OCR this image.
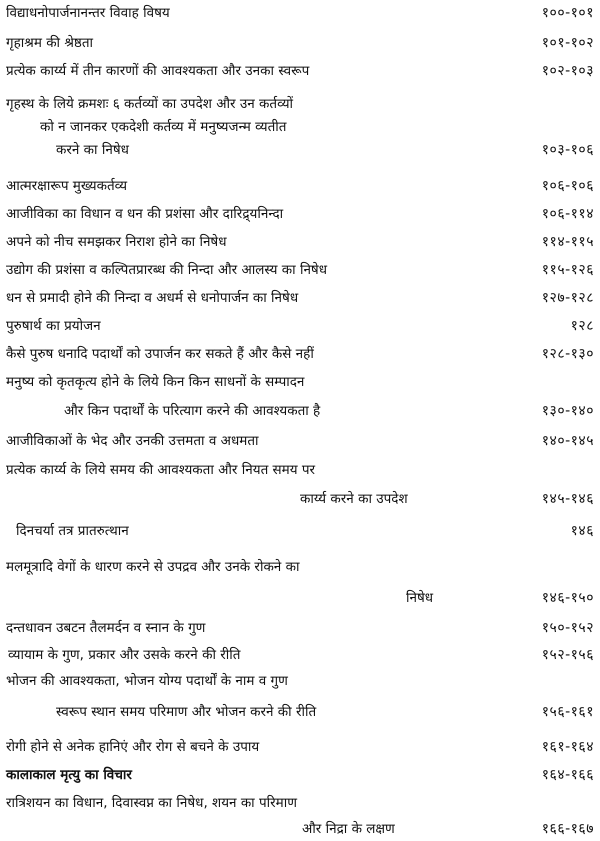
विद्याधनोपार्जनानन्तर विवाह विषय	१००-१०१
गृहाश्रम की श्रेष्ठता	१०१-१०२
प्रत्येक कार्य्य में तीन कारणों की आवश्यकता और उनका स्वरूप	१०२-१०३
गृहस्थ के लिये क्रमशः ६ कर्तव्यों का उपदेश और उन कर्तव्यों
को न जानकर एकदेशी कर्तव्य में मनुष्यजन्म व्यतीत
करने का निषेध	१०३-१०६
आत्मरक्षारूप मुख्यकर्तव्य	१०६-१०६
आजीविका का विधान व धन की प्रशंसा और दारिद्र्यनिन्दा	१०६-११४
अपने को नीच समझकर निराश होने का निषेध	११४-११५
उद्योग की प्रशंसा व कल्पितप्रारब्ध की निन्दा और आलस्य का निषेध	११५-१२६
धन से प्रमादी होने की निन्दा व अधर्म से धनोपार्जन का निषेध	१२७-१२८
पुरुषार्थ का प्रयोजन	१२८
कैसे पुरुष धनादि पदार्थों को उपार्जन कर सकते हैं और कैसे नहीं	१२८-१३०
मनुष्य को कृतकृत्य होने के लिये किन किन साधनों के सम्पादन
और किन पदार्थों के परित्याग करने की आवश्यकता है	१३०-१४०
आजीविकाओं के भेद और उनकी उत्तमता व अधमता	१४०-१४५
प्रत्येक कार्य्य के लिये समय की आवश्यकता और नियत समय पर
कार्य्य करने का उपदेश	१४५-१४६
दिनचर्या तत्र प्रातरुत्थान	१४६
मलमूत्रादि वेगों के धारण करने से उपद्रव और उनके रोकने का
निषेध	१४६-१५०
दन्तधावन उबटन तैलमर्दन व स्नान के गुण	१५०-१५२
व्यायाम के गुण, प्रकार और उसके करने की रीति	१५२-१५६
भोजन की आवश्यकता, भोजन योग्य पदार्थों के नाम व गुण
स्वरूप स्थान समय परिमाण और भोजन करने की रीति	१५६-१६१
रोगी होने से अनेक हानिएं और रोग से बचने के उपाय	१६१-१६४
कालाकाल मृत्यु का विचार	१६४-१६६
रात्रिशयन का विधान, दिवास्वप्न का निषेध, शयन का परिमाण
और निद्रा के लक्षण	१६६-१६७
